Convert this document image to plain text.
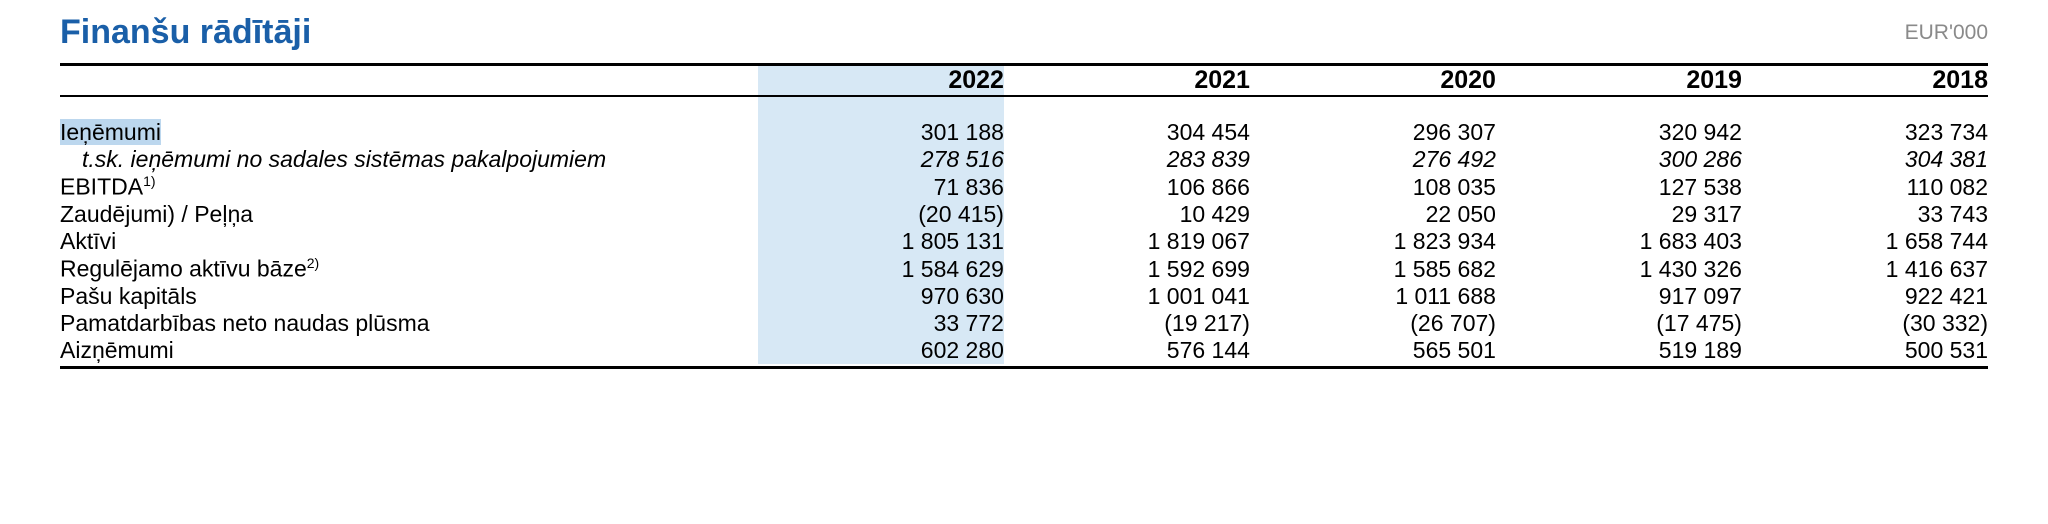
Finanšu rādītāji	EUR'000
	2022	2021	2020	2019	2018

Ieņēmumi	301 188	304 454	296 307	320 942	323 734
t.sk. ieņēmumi no sadales sistēmas pakalpojumiem	278 516	283 839	276 492	300 286	304 381
EBITDA$^{1)}$	71 836	106 866	108 035	127 538	110 082
Zaudējumi) / Peļņa	(20 415)	10 429	22 050	29 317	33 743
Aktīvi	1 805 131	1 819 067	1 823 934	1 683 403	1 658 744
Regulējamo aktīvu bāze$^{2)}$	1 584 629	1 592 699	1 585 682	1 430 326	1 416 637
Pašu kapitāls	970 630	1 001 041	1 011 688	917 097	922 421
Pamatdarbības neto naudas plūsma	33 772	(19 217)	(26 707)	(17 475)	(30 332)
Aizņēmumi	602 280	576 144	565 501	519 189	500 531
